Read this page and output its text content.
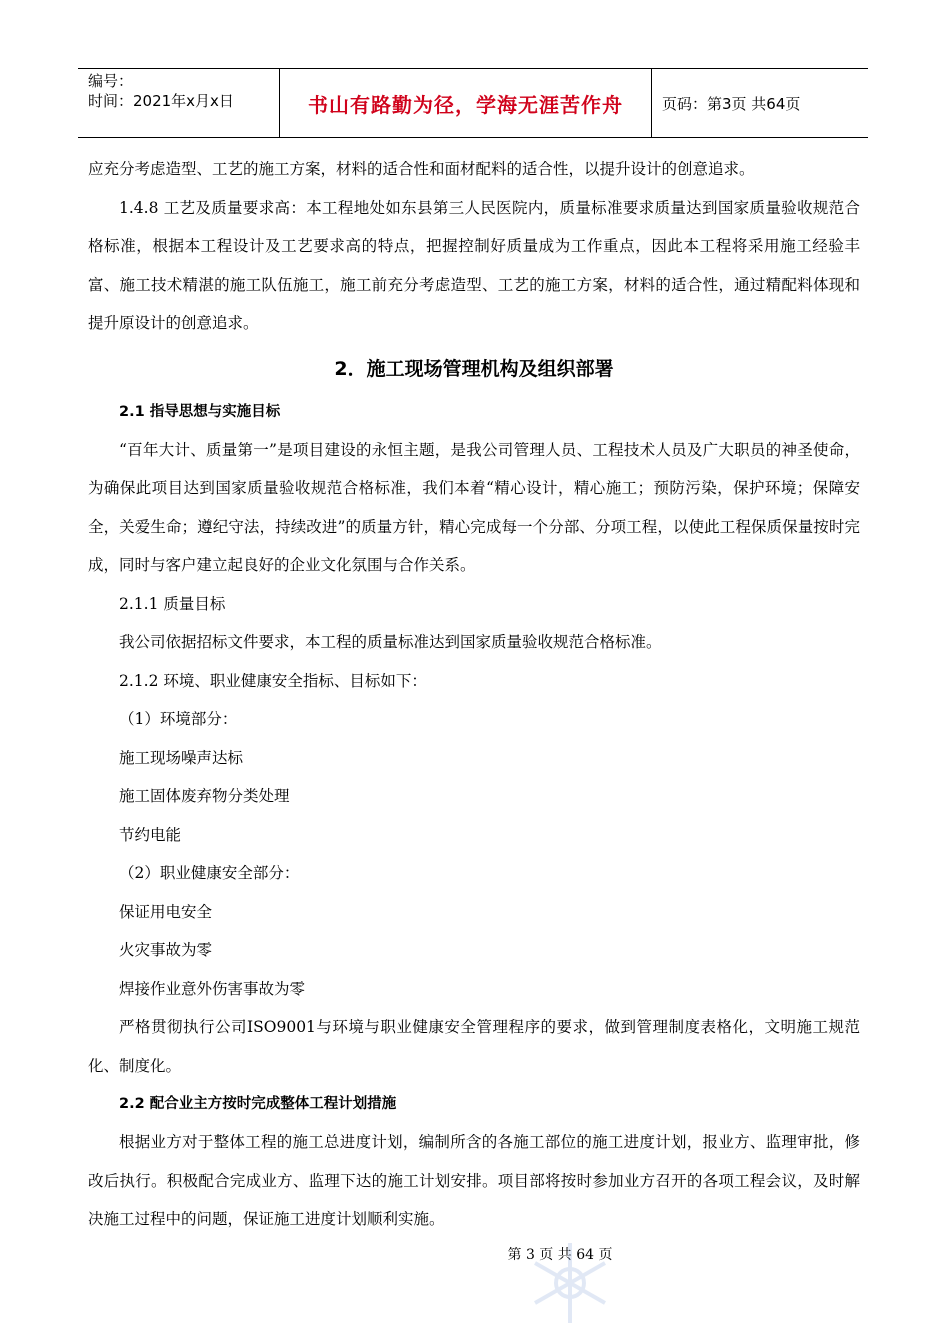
编号：
时间：2021年x月x日	书山有路勤为径，学海无涯苦作舟	页码：第3页 共64页

应充分考虑造型、工艺的施工方案，材料的适合性和面材配料的适合性，以提升设计的创意追求。

1.4.8 工艺及质量要求高：本工程地处如东县第三人民医院内，质量标准要求质量达到国家质量验收规范合格标准，根据本工程设计及工艺要求高的特点，把握控制好质量成为工作重点，因此本工程将采用施工经验丰富、施工技术精湛的施工队伍施工，施工前充分考虑造型、工艺的施工方案，材料的适合性，通过精配料体现和提升原设计的创意追求。

2．施工现场管理机构及组织部署
2.1 指导思想与实施目标

“百年大计、质量第一”是项目建设的永恒主题，是我公司管理人员、工程技术人员及广大职员的神圣使命，为确保此项目达到国家质量验收规范合格标准，我们本着“精心设计，精心施工；预防污染，保护环境；保障安全，关爱生命；遵纪守法，持续改进”的质量方针，精心完成每一个分部、分项工程，以使此工程保质保量按时完成，同时与客户建立起良好的企业文化氛围与合作关系。

2.1.1 质量目标
我公司依据招标文件要求，本工程的质量标准达到国家质量验收规范合格标准。
2.1.2 环境、职业健康安全指标、目标如下：
（1）环境部分：
施工现场噪声达标
施工固体废弃物分类处理
节约电能
（2）职业健康安全部分：
保证用电安全
火灾事故为零
焊接作业意外伤害事故为零

严格贯彻执行公司ISO9001与环境与职业健康安全管理程序的要求，做到管理制度表格化，文明施工规范化、制度化。

2.2 配合业主方按时完成整体工程计划措施

根据业方对于整体工程的施工总进度计划，编制所含的各施工部位的施工进度计划，报业方、监理审批，修改后执行。积极配合完成业方、监理下达的施工计划安排。项目部将按时参加业方召开的各项工程会议，及时解决施工过程中的问题，保证施工进度计划顺利实施。

第 3 页 共 64 页
